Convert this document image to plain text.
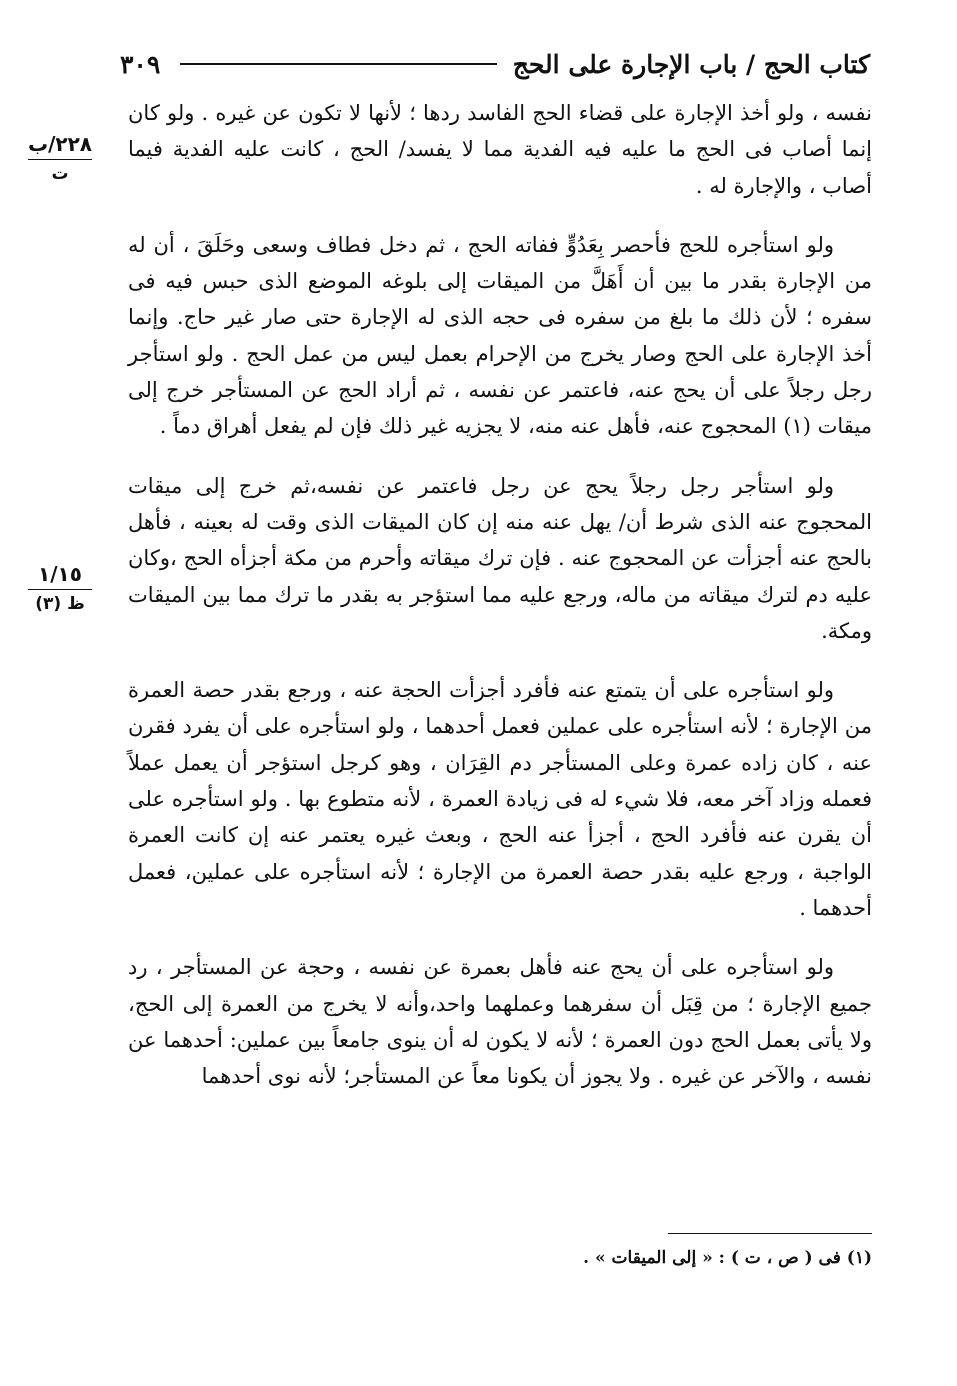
كتاب الحج / باب الإجارة على الحج
٣٠٩
٢٢٨/ب
ت
١/١٥
ظ (٣)

نفسه ، ولو أخذ الإجارة على قضاء الحج الفاسد ردها ؛ لأنها لا تكون عن غيره . ولو كان إنما أصاب فى الحج ما عليه فيه الفدية مما لا يفسد/ الحج ، كانت عليه الفدية فيما أصاب ، والإجارة له .

ولو استأجره للحج فأحصر بِعَدُوٍّ ففاته الحج ، ثم دخل فطاف وسعى وحَلَقَ ، أن له من الإجارة بقدر ما بين أن أَهَلَّ من الميقات إلى بلوغه الموضع الذى حبس فيه فى سفره ؛ لأن ذلك ما بلغ من سفره فى حجه الذى له الإجارة حتى صار غير حاج. وإنما أخذ الإجارة على الحج وصار يخرج من الإحرام بعمل ليس من عمل الحج . ولو استأجر رجل رجلاً على أن يحج عنه، فاعتمر عن نفسه ، ثم أراد الحج عن المستأجر خرج إلى ميقات (١) المحجوج عنه، فأهل عنه منه، لا يجزيه غير ذلك فإن لم يفعل أهراق دماً .

ولو استأجر رجل رجلاً يحج عن رجل فاعتمر عن نفسه،ثم خرج إلى ميقات المحجوج عنه الذى شرط أن/ يهل عنه منه إن كان الميقات الذى وقت له بعينه ، فأهل بالحج عنه أجزأت عن المحجوج عنه . فإن ترك ميقاته وأحرم من مكة أجزأه الحج ،وكان عليه دم لترك ميقاته من ماله، ورجع عليه مما استؤجر به بقدر ما ترك مما بين الميقات ومكة.

ولو استأجره على أن يتمتع عنه فأفرد أجزأت الحجة عنه ، ورجع بقدر حصة العمرة من الإجارة ؛ لأنه استأجره على عملين فعمل أحدهما ، ولو استأجره على أن يفرد فقرن عنه ، كان زاده عمرة وعلى المستأجر دم القِرَان ، وهو كرجل استؤجر أن يعمل عملاً فعمله وزاد آخر معه، فلا شيء له فى زيادة العمرة ، لأنه متطوع بها . ولو استأجره على أن يقرن عنه فأفرد الحج ، أجزأ عنه الحج ، وبعث غيره يعتمر عنه إن كانت العمرة الواجبة ، ورجع عليه بقدر حصة العمرة من الإجارة ؛ لأنه استأجره على عملين، فعمل أحدهما .

ولو استأجره على أن يحج عنه فأهل بعمرة عن نفسه ، وحجة عن المستأجر ، رد جميع الإجارة ؛ من قِبَل أن سفرهما وعملهما واحد،وأنه لا يخرج من العمرة إلى الحج، ولا يأتى بعمل الحج دون العمرة ؛ لأنه لا يكون له أن ينوى جامعاً بين عملين: أحدهما عن نفسه ، والآخر عن غيره . ولا يجوز أن يكونا معاً عن المستأجر؛ لأنه نوى أحدهما

(١) فى ( ص ، ت ) : « إلى الميقات » .
